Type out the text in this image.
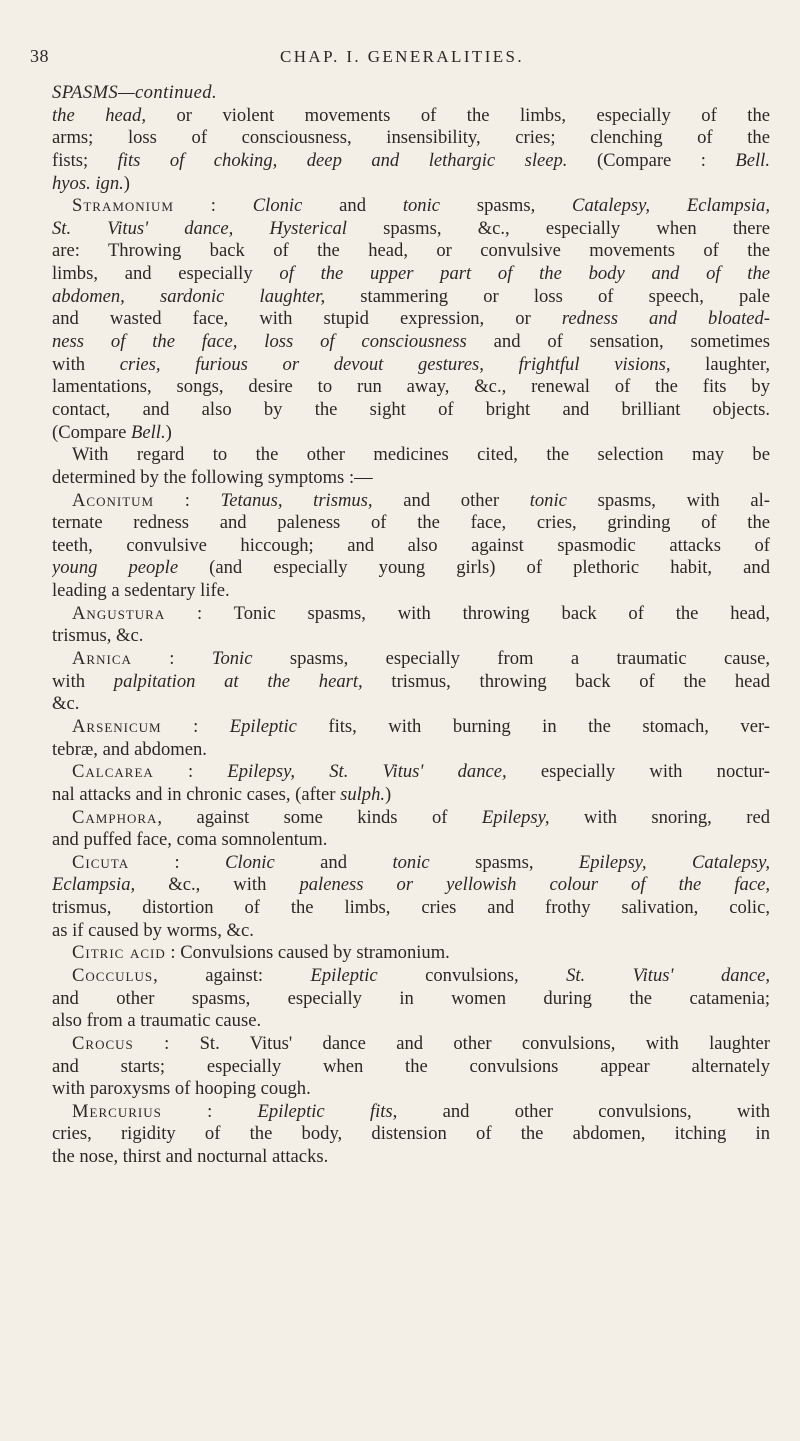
38	CHAP. I. GENERALITIES.
SPASMS—continued.
the head, or violent movements of the limbs, especially of the
arms; loss of consciousness, insensibility, cries; clenching of the
fists; fits of choking, deep and lethargic sleep. (Compare : Bell.
hyos. ign.)
Stramonium : Clonic and tonic spasms, Catalepsy, Eclampsia,
St. Vitus' dance, Hysterical spasms, &c., especially when there
are: Throwing back of the head, or convulsive movements of the
limbs, and especially of the upper part of the body and of the
abdomen, sardonic laughter, stammering or loss of speech, pale
and wasted face, with stupid expression, or redness and bloated-
ness of the face, loss of consciousness and of sensation, sometimes
with cries, furious or devout gestures, frightful visions, laughter,
lamentations, songs, desire to run away, &c., renewal of the fits by
contact, and also by the sight of bright and brilliant objects.
(Compare Bell.)
With regard to the other medicines cited, the selection may be
determined by the following symptoms :—
Aconitum : Tetanus, trismus, and other tonic spasms, with al-
ternate redness and paleness of the face, cries, grinding of the
teeth, convulsive hiccough; and also against spasmodic attacks of
young people (and especially young girls) of plethoric habit, and
leading a sedentary life.
Angustura : Tonic spasms, with throwing back of the head,
trismus, &c.
Arnica : Tonic spasms, especially from a traumatic cause,
with palpitation at the heart, trismus, throwing back of the head
&c.
Arsenicum : Epileptic fits, with burning in the stomach, ver-
tebræ, and abdomen.
Calcarea : Epilepsy, St. Vitus' dance, especially with noctur-
nal attacks and in chronic cases, (after sulph.)
Camphora, against some kinds of Epilepsy, with snoring, red
and puffed face, coma somnolentum.
Cicuta : Clonic and tonic spasms, Epilepsy, Catalepsy,
Eclampsia, &c., with paleness or yellowish colour of the face,
trismus, distortion of the limbs, cries and frothy salivation, colic,
as if caused by worms, &c.
Citric acid : Convulsions caused by stramonium.
Cocculus, against: Epileptic convulsions, St. Vitus' dance,
and other spasms, especially in women during the catamenia;
also from a traumatic cause.
Crocus : St. Vitus' dance and other convulsions, with laughter
and starts; especially when the convulsions appear alternately
with paroxysms of hooping cough.
Mercurius : Epileptic fits, and other convulsions, with
cries, rigidity of the body, distension of the abdomen, itching in
the nose, thirst and nocturnal attacks.
